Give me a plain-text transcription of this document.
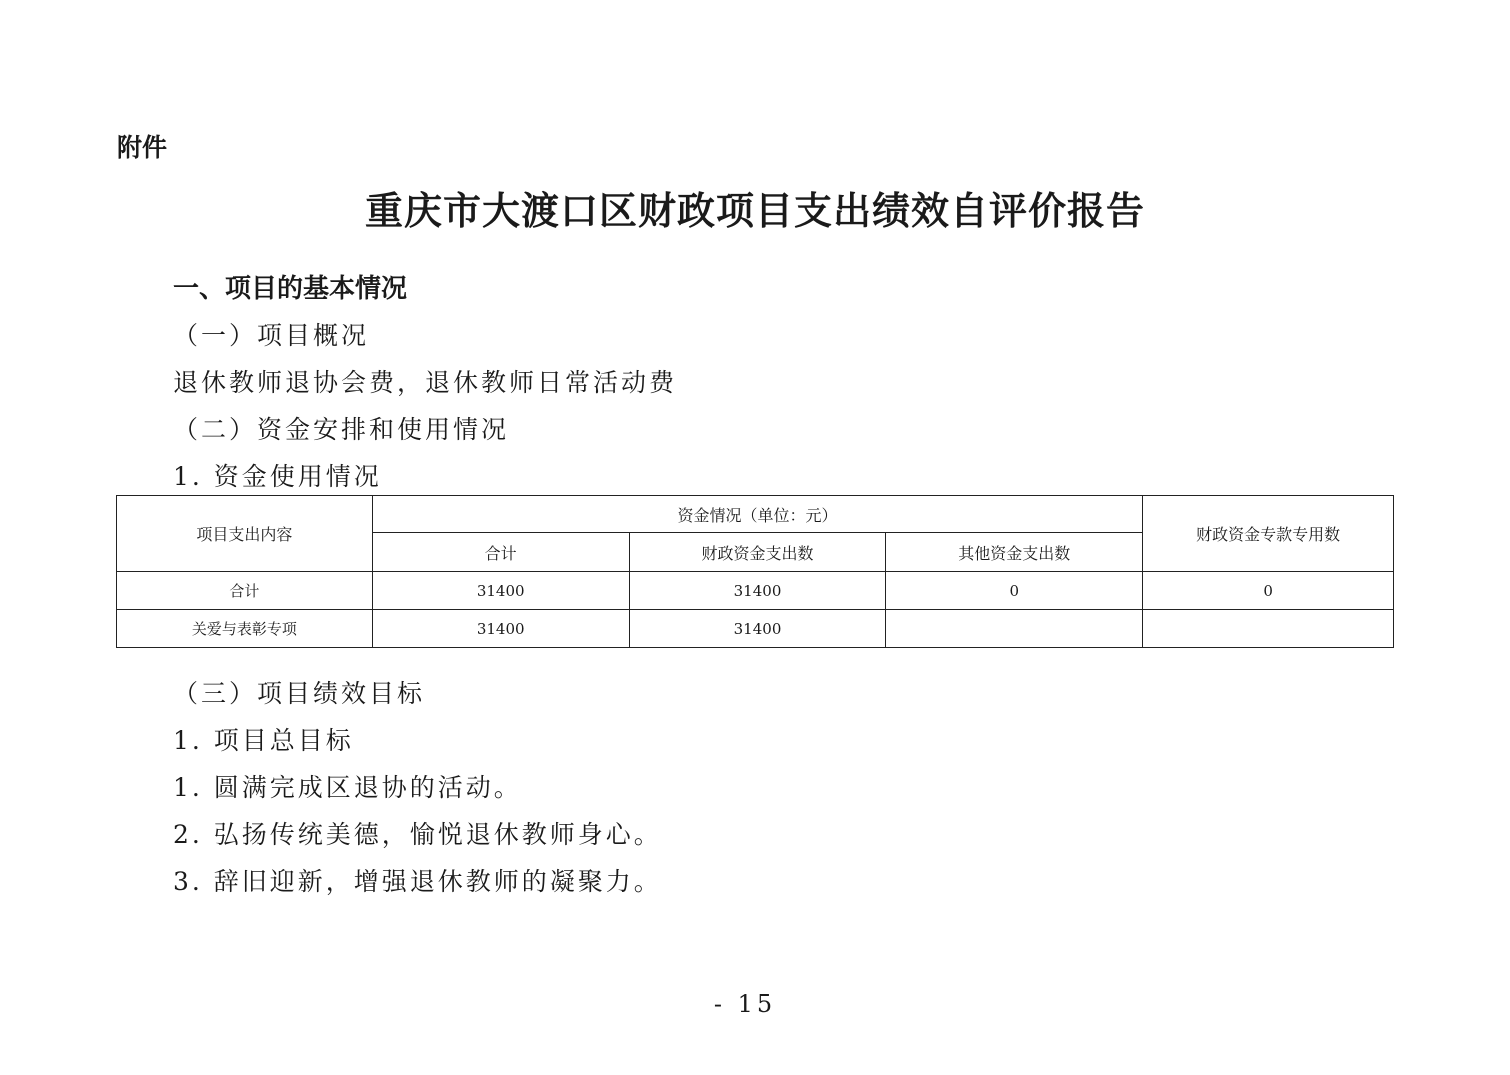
附件
重庆市大渡口区财政项目支出绩效自评价报告
一、项目的基本情况
（一）项目概况
退休教师退协会费，退休教师日常活动费
（二）资金安排和使用情况
1. 资金使用情况
项目支出内容	资金情况（单位：元）			财政资金专款专用数
	合计	财政资金支出数	其他资金支出数	
合计	31400	31400	0	0
关爱与表彰专项	31400	31400		
（三）项目绩效目标
1. 项目总目标
1. 圆满完成区退协的活动。
2. 弘扬传统美德，愉悦退休教师身心。
3. 辞旧迎新，增强退休教师的凝聚力。
- 15
